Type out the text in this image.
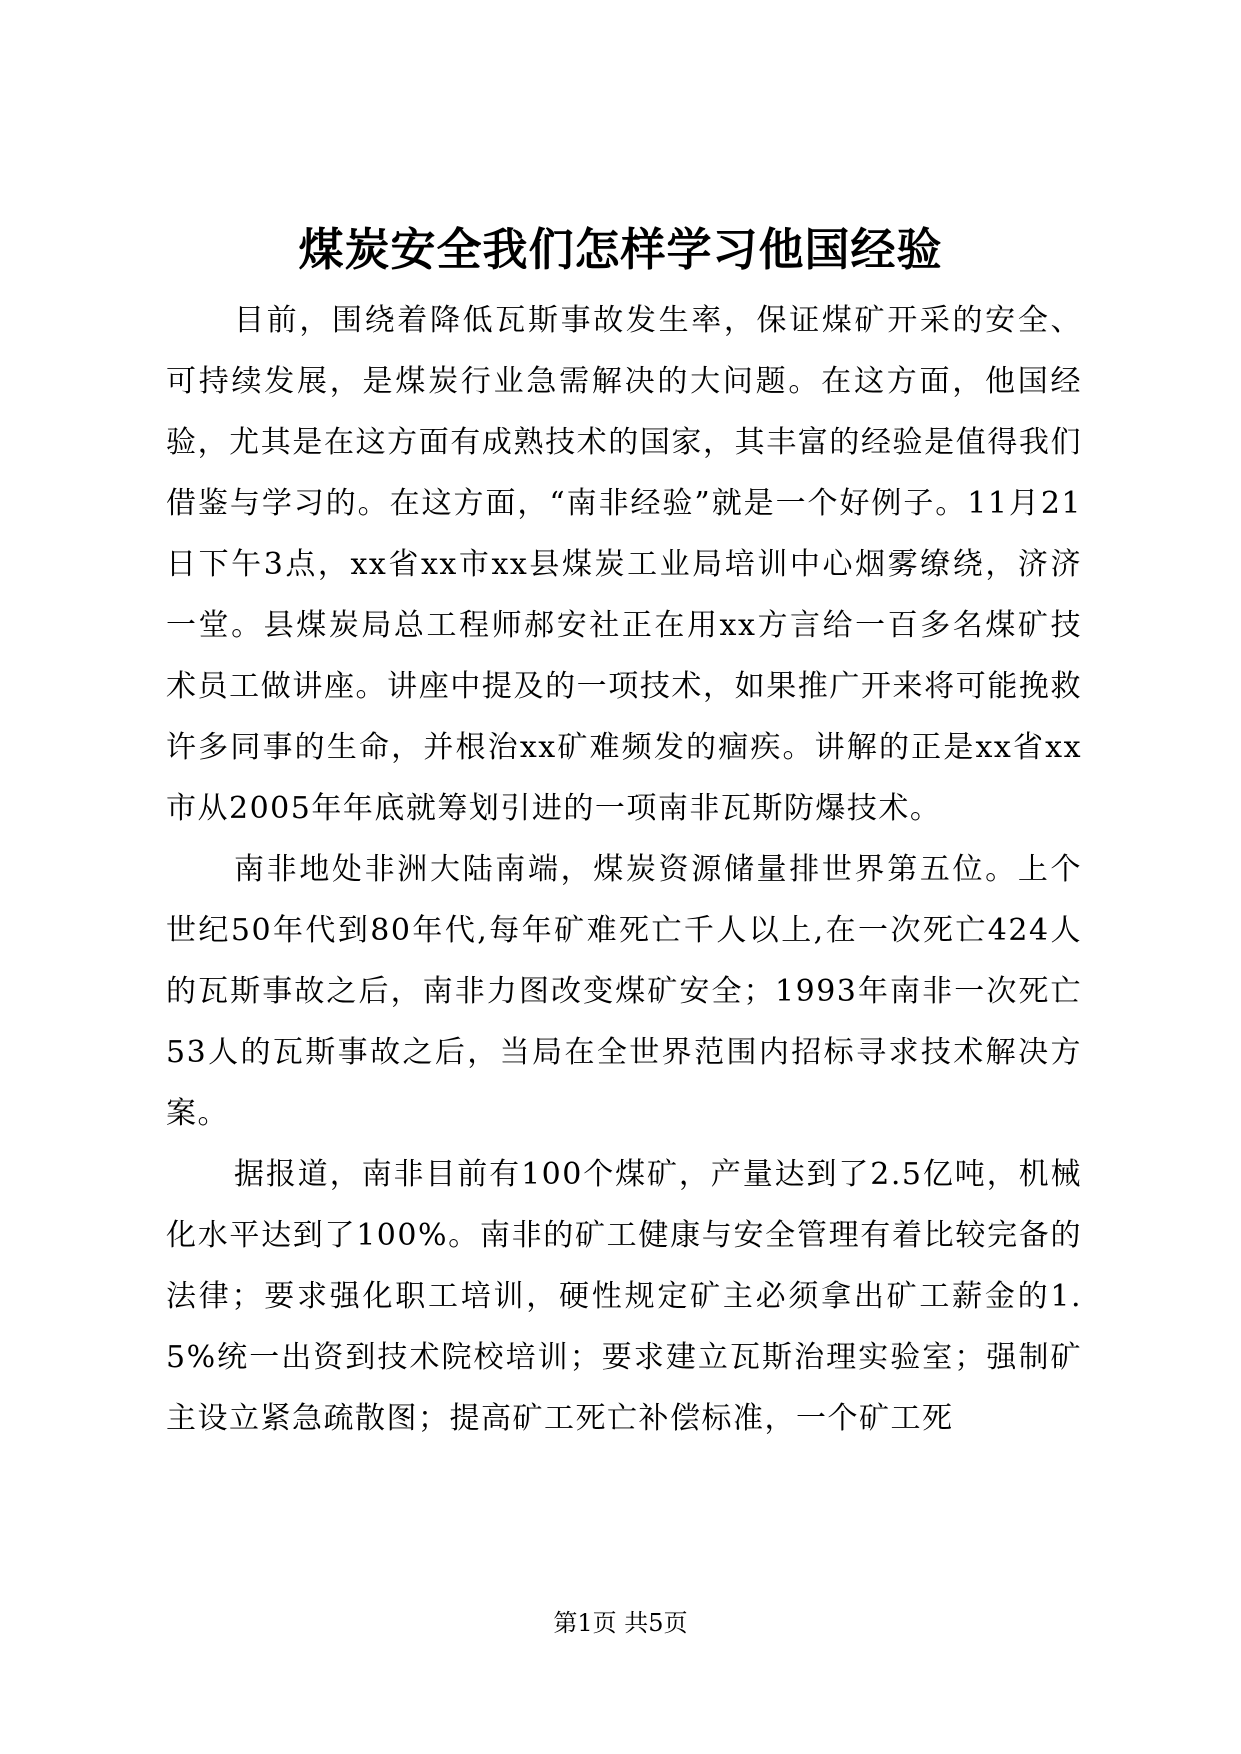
煤炭安全我们怎样学习他国经验

目前，围绕着降低瓦斯事故发生率，保证煤矿开采的安全、可持续发展，是煤炭行业急需解决的大问题。在这方面，他国经验，尤其是在这方面有成熟技术的国家，其丰富的经验是值得我们借鉴与学习的。在这方面，“南非经验”就是一个好例子。11月21日下午3点，xx省xx市xx县煤炭工业局培训中心烟雾缭绕，济济一堂。县煤炭局总工程师郝安社正在用xx方言给一百多名煤矿技术员工做讲座。讲座中提及的一项技术，如果推广开来将可能挽救许多同事的生命，并根治xx矿难频发的痼疾。讲解的正是xx省xx市从2005年年底就筹划引进的一项南非瓦斯防爆技术。

南非地处非洲大陆南端，煤炭资源储量排世界第五位。上个世纪50年代到80年代,每年矿难死亡千人以上,在一次死亡424人的瓦斯事故之后，南非力图改变煤矿安全；1993年南非一次死亡53人的瓦斯事故之后，当局在全世界范围内招标寻求技术解决方案。

据报道，南非目前有100个煤矿，产量达到了2.5亿吨，机械化水平达到了100%。南非的矿工健康与安全管理有着比较完备的法律；要求强化职工培训，硬性规定矿主必须拿出矿工薪金的1.5%统一出资到技术院校培训；要求建立瓦斯治理实验室；强制矿主设立紧急疏散图；提高矿工死亡补偿标准，一个矿工死

第1页 共5页
